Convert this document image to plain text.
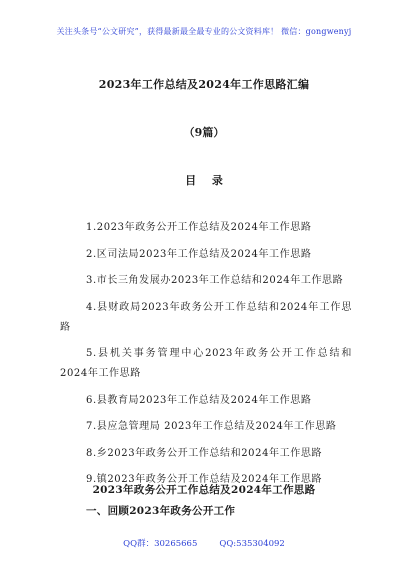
关注头条号“公文研究”，获得最新最全最专业的公文资料库！ 微信：gongwenyj
2023年工作总结及2024年工作思路汇编
（9篇）
目 录
1.2023年政务公开工作总结及2024年工作思路
2.区司法局2023年工作总结及2024年工作思路
3.市长三角发展办2023年工作总结和2024年工作思路
4.县财政局2023年政务公开工作总结和2024年工作思路
5.县机关事务管理中心2023年政务公开工作总结和2024年工作思路
6.县教育局2023年工作总结及2024年工作思路
7.县应急管理局 2023年工作总结及2024年工作思路
8.乡2023年政务公开工作总结和2024年工作思路
9.镇2023年政务公开工作总结及2024年工作思路
2023年政务公开工作总结及2024年工作思路
一、回顾2023年政务公开工作
QQ群：30265665	QQ:535304092
